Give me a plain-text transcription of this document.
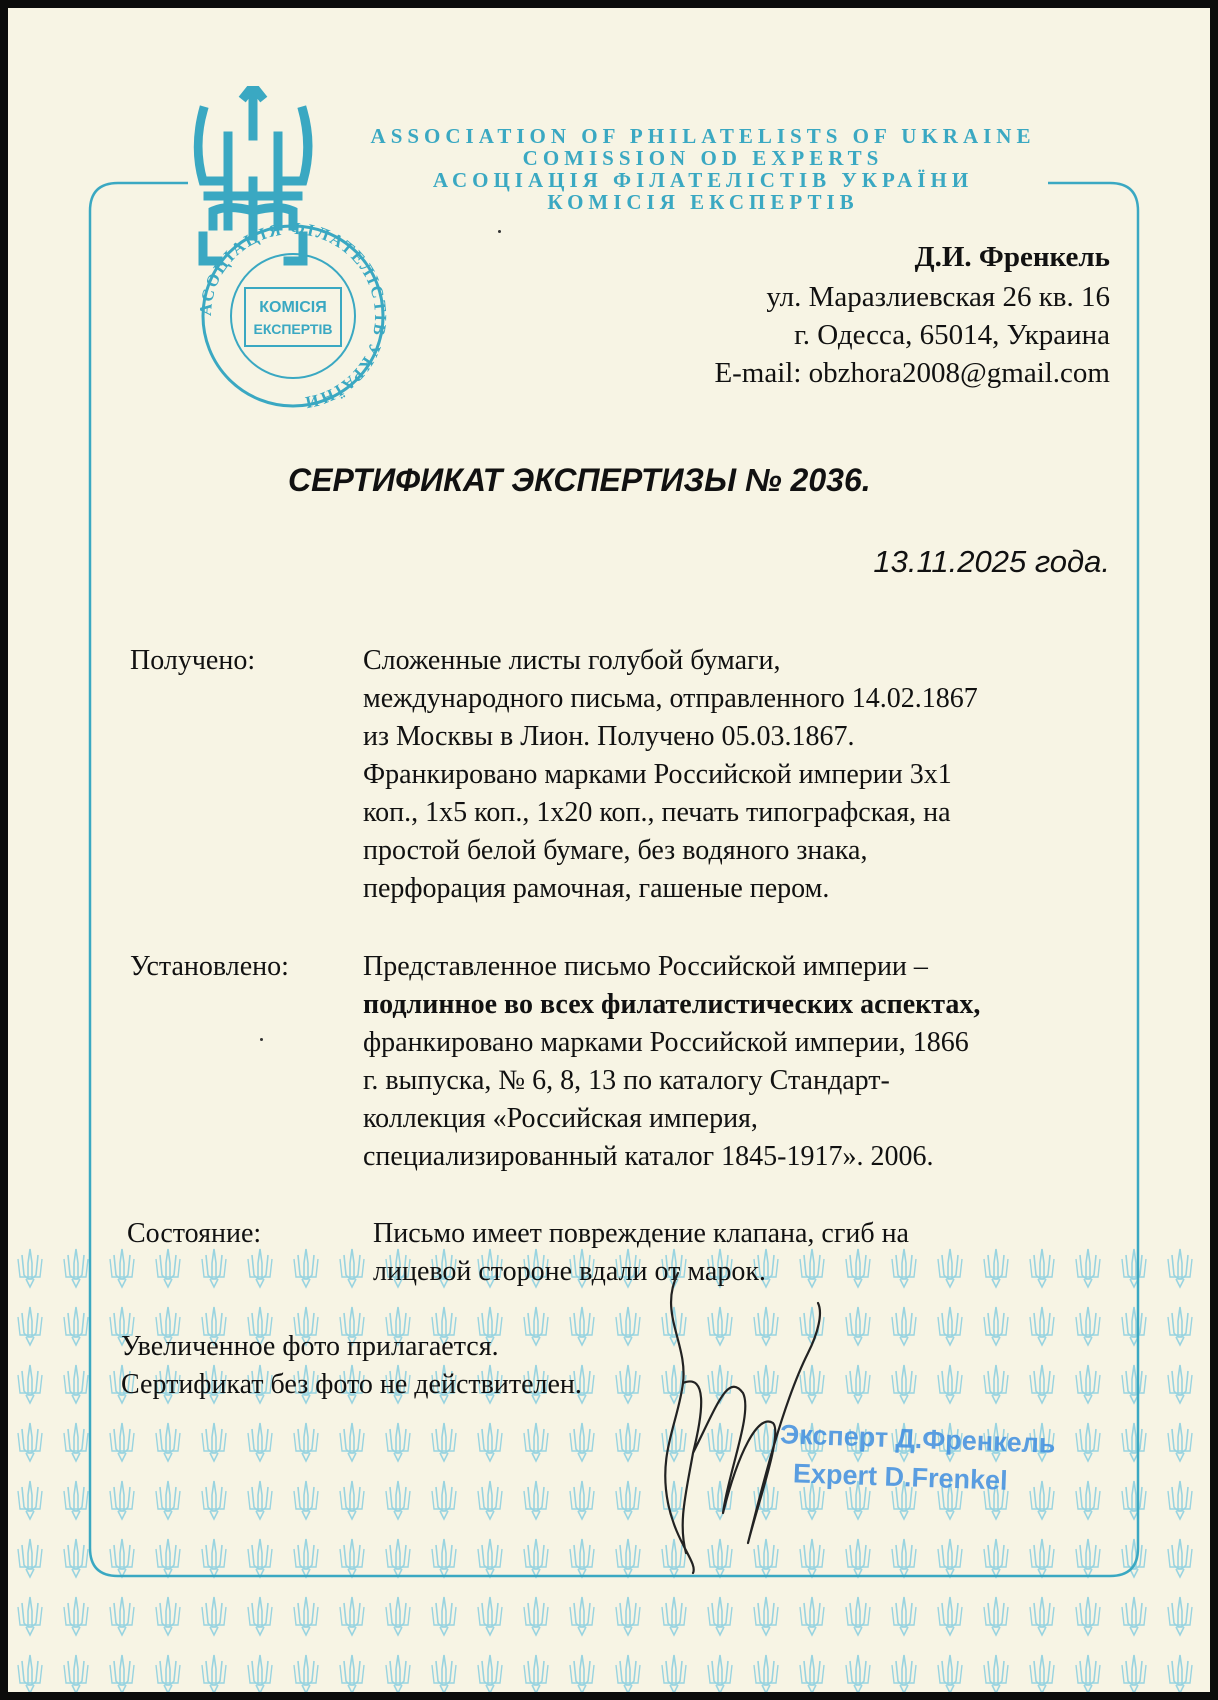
АСОЦІАЦІЯ ФІЛАТЕЛІСТІВ УКРАЇНИ
КОМІСІЯ
ЕКСПЕРТІВ
ASSOCIATION OF PHILATELISTS OF UKRAINE
COMISSION OD EXPERTS
АСОЦІАЦІЯ ФІЛАТЕЛІСТІВ УКРАЇНИ
КОМІСІЯ ЕКСПЕРТІВ
Д.И. Френкель
ул. Маразлиевская 26 кв. 16
г. Одесса, 65014, Украина
E-mail: obzhora2008@gmail.com
СЕРТИФИКАТ ЭКСПЕРТИЗЫ № 2036.
13.11.2025 года.
Получено:	Сложенные листы голубой бумаги,
международного письма, отправленного 14.02.1867
из Москвы в Лион. Получено 05.03.1867.
Франкировано марками Российской империи 3х1
коп., 1х5 коп., 1х20 коп., печать типографская, на
простой белой бумаге, без водяного знака,
перфорация рамочная, гашеные пером.
Установлено:	Представленное письмо Российской империи –
подлинное во всех филателистических аспектах,
франкировано марками Российской империи, 1866
г. выпуска, № 6, 8, 13 по каталогу Стандарт-
коллекция «Российская империя,
специализированный каталог 1845-1917». 2006.
Состояние:	Письмо имеет повреждение клапана, сгиб на
лицевой стороне вдали от марок.
Увеличенное фото прилагается.
Сертификат без фото не действителен.
Эксперт Д.Френкель
Expert D.Frenkel
